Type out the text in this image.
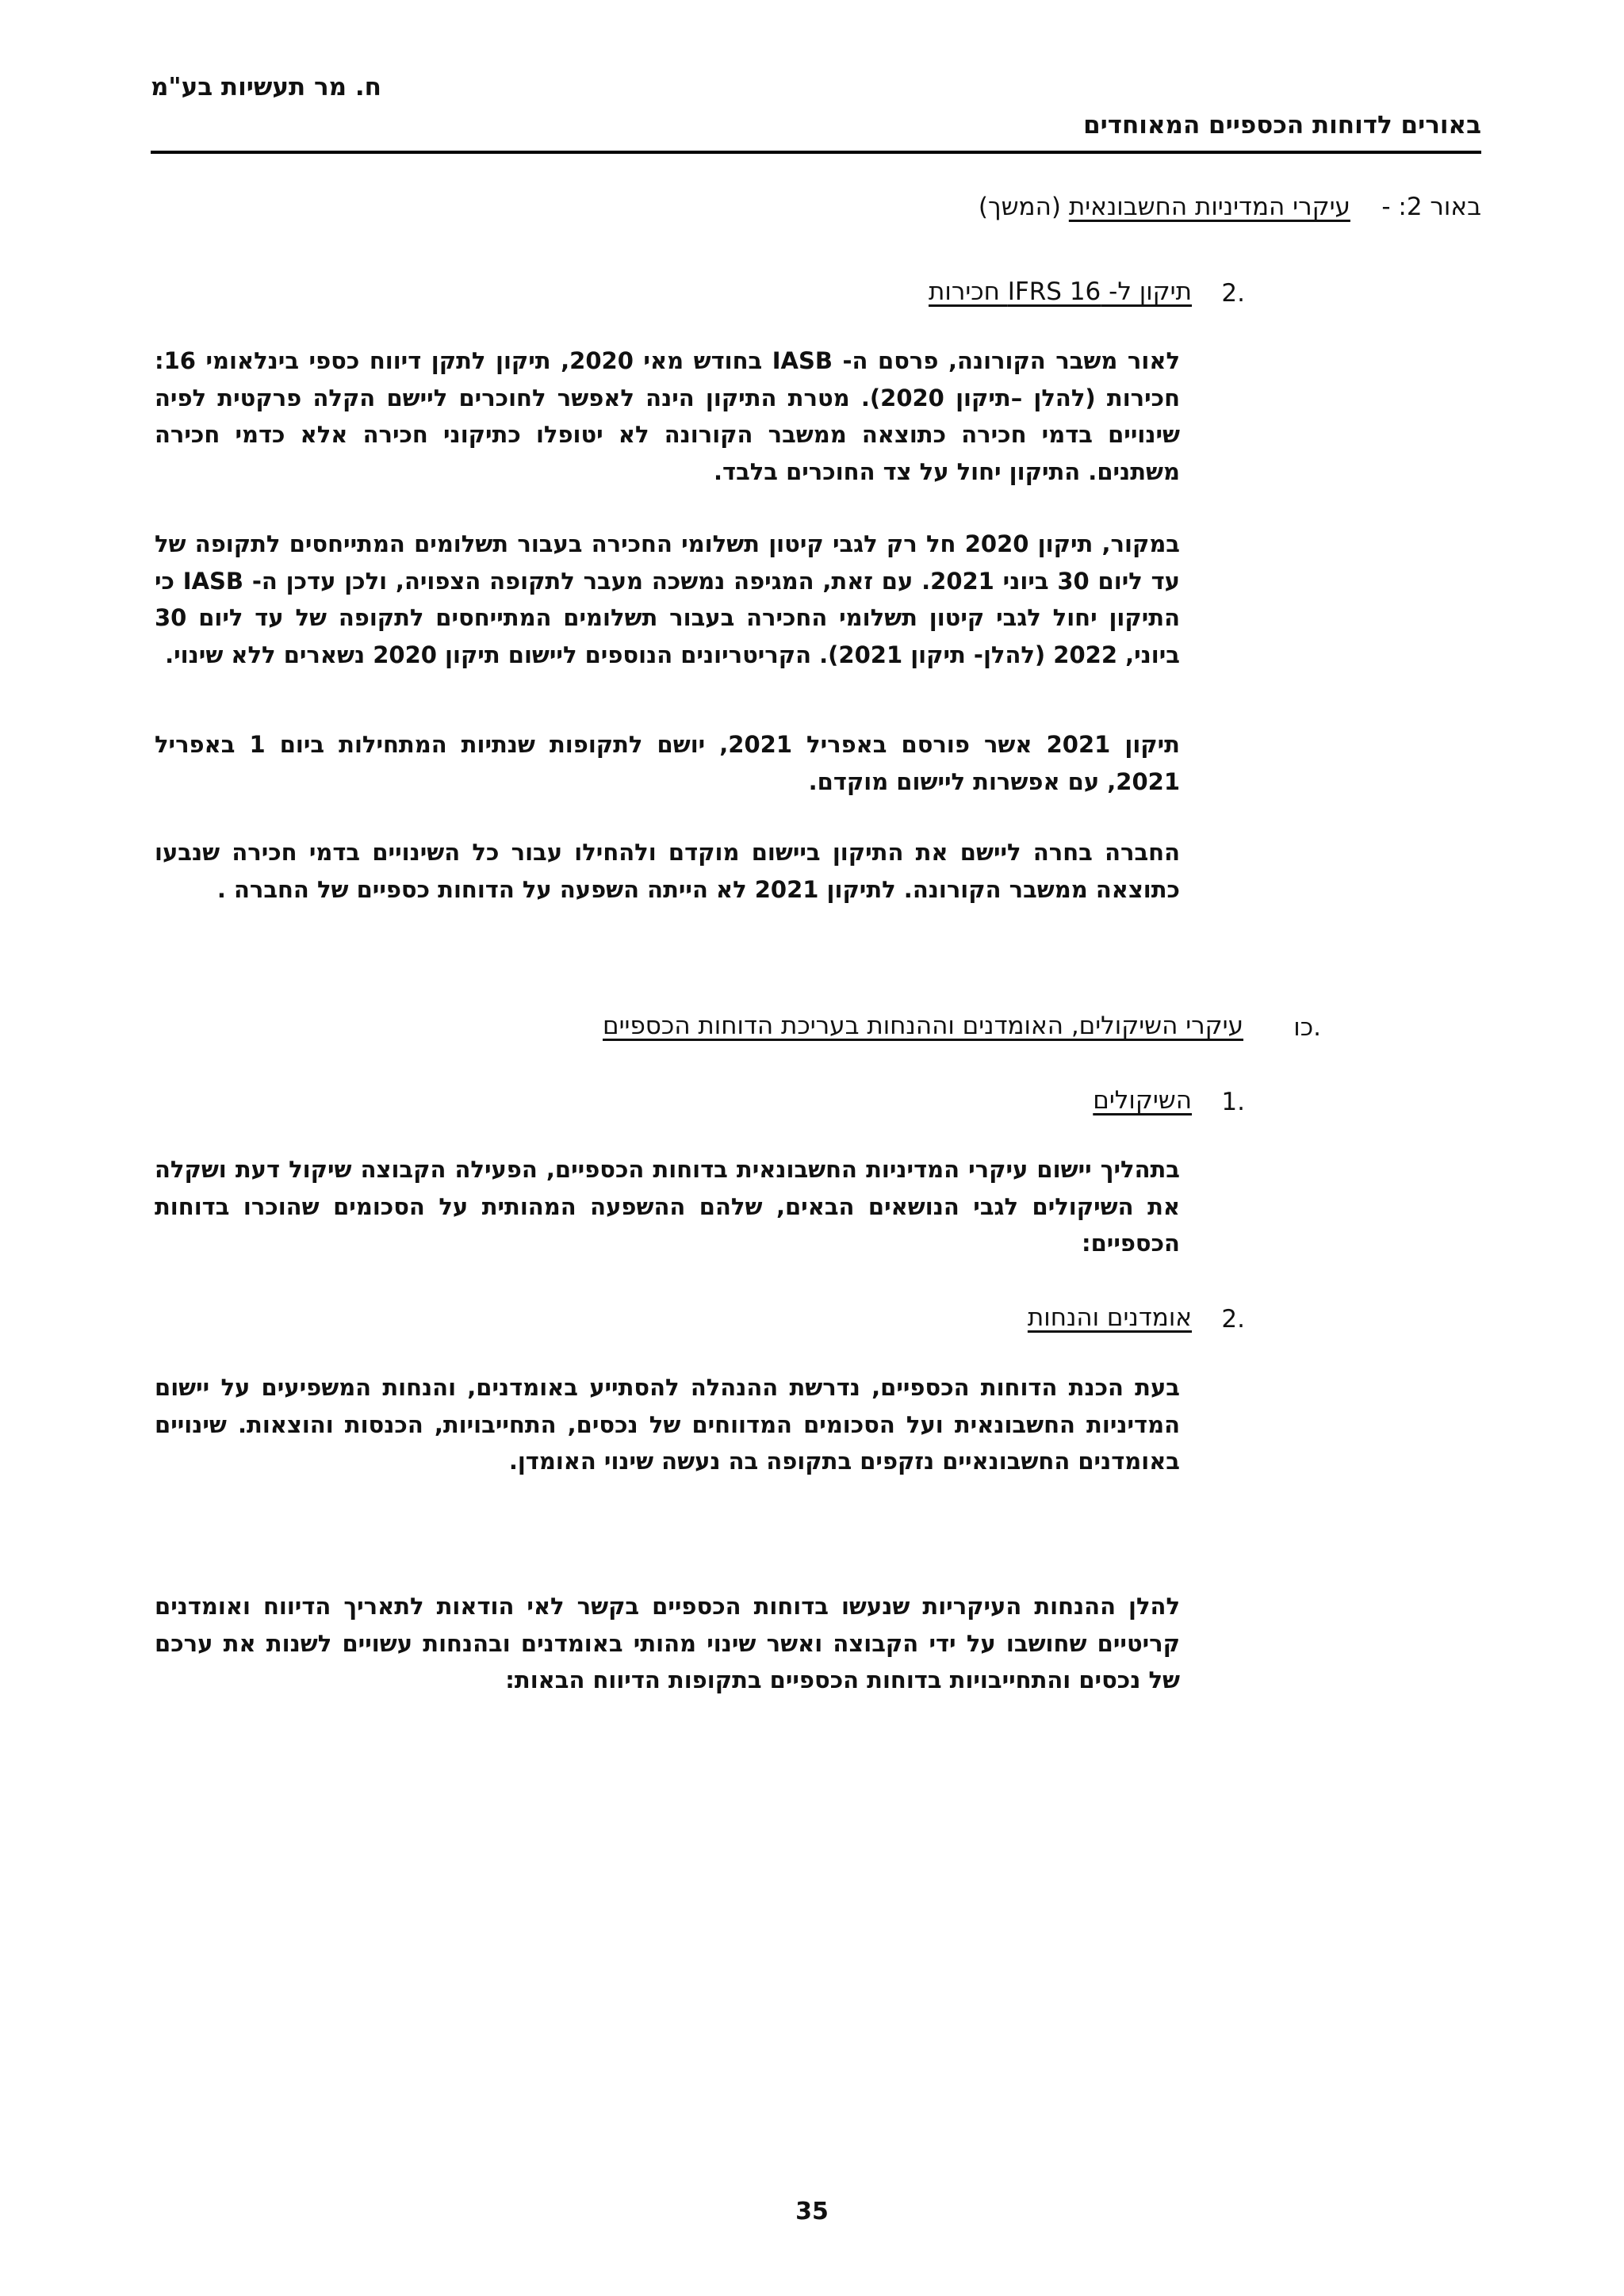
ח. מר תעשיות בע"מ
באורים לדוחות הכספיים המאוחדים
באור 2: -    עיקרי המדיניות החשבונאית (המשך)
2.
תיקון ל- IFRS 16 חכירות
לאור משבר הקורונה, פרסם ה- IASB בחודש מאי 2020, תיקון לתקן דיווח כספי בינלאומי 16: חכירות (להלן –תיקון 2020). מטרת התיקון הינה לאפשר לחוכרים ליישם הקלה פרקטית לפיה שינויים בדמי חכירה כתוצאה ממשבר הקורונה לא יטופלו כתיקוני חכירה אלא כדמי חכירה משתנים. התיקון יחול על צד החוכרים בלבד.
במקור, תיקון 2020 חל רק לגבי קיטון תשלומי החכירה בעבור תשלומים המתייחסים לתקופה של עד ליום 30 ביוני 2021. עם זאת, המגיפה נמשכה מעבר לתקופה הצפויה, ולכן עדכן ה- IASB כי התיקון יחול לגבי קיטון תשלומי החכירה בעבור תשלומים המתייחסים לתקופה של עד ליום 30 ביוני, 2022 (להלן- תיקון 2021). הקריטריונים הנוספים ליישום תיקון 2020 נשארים ללא שינוי.
תיקון 2021 אשר פורסם באפריל 2021, יושם לתקופות שנתיות המתחילות ביום 1 באפריל 2021, עם אפשרות ליישום מוקדם.
החברה בחרה ליישם את התיקון ביישום מוקדם ולהחילו עבור כל השינויים בדמי חכירה שנבעו כתוצאה ממשבר הקורונה. לתיקון 2021 לא הייתה השפעה על הדוחות כספיים של החברה .
כו.
עיקרי השיקולים, האומדנים וההנחות בעריכת הדוחות הכספיים
1.
השיקולים
בתהליך יישום עיקרי המדיניות החשבונאית בדוחות הכספיים, הפעילה הקבוצה שיקול דעת ושקלה את השיקולים לגבי הנושאים הבאים, שלהם ההשפעה המהותית על הסכומים שהוכרו בדוחות הכספיים:
2.
אומדנים והנחות
בעת הכנת הדוחות הכספיים, נדרשת ההנהלה להסתייע באומדנים, והנחות המשפיעים על יישום המדיניות החשבונאית ועל הסכומים המדווחים של נכסים, התחייבויות, הכנסות והוצאות. שינויים באומדנים החשבונאיים נזקפים בתקופה בה נעשה שינוי האומדן.
להלן ההנחות העיקריות שנעשו בדוחות הכספיים בקשר לאי הודאות לתאריך הדיווח ואומדנים קריטיים שחושבו על ידי הקבוצה ואשר שינוי מהותי באומדנים ובהנחות עשויים לשנות את ערכם של נכסים והתחייבויות בדוחות הכספיים בתקופות הדיווח הבאות:
35
